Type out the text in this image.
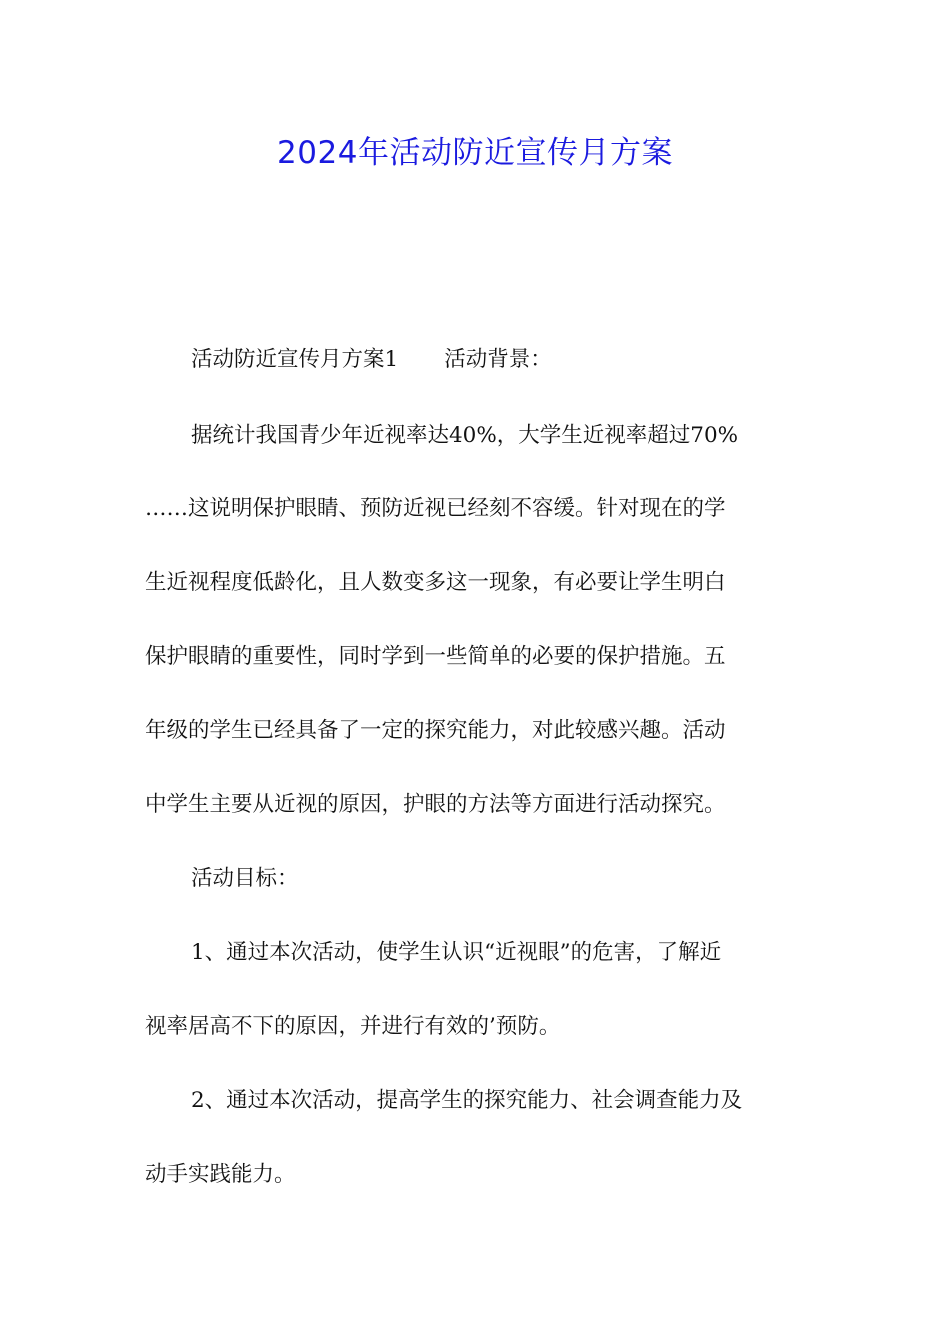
2024年活动防近宣传月方案
活动防近宣传月方案1 活动背景：
据统计我国青少年近视率达40%，大学生近视率超过70%
……这说明保护眼睛、预防近视已经刻不容缓。针对现在的学
生近视程度低龄化，且人数变多这一现象，有必要让学生明白
保护眼睛的重要性，同时学到一些简单的必要的保护措施。五
年级的学生已经具备了一定的探究能力，对此较感兴趣。活动
中学生主要从近视的原因，护眼的方法等方面进行活动探究。
活动目标：
1、通过本次活动，使学生认识“近视眼”的危害，了解近
视率居高不下的原因，并进行有效的’预防。
2、通过本次活动，提高学生的探究能力、社会调查能力及
动手实践能力。
